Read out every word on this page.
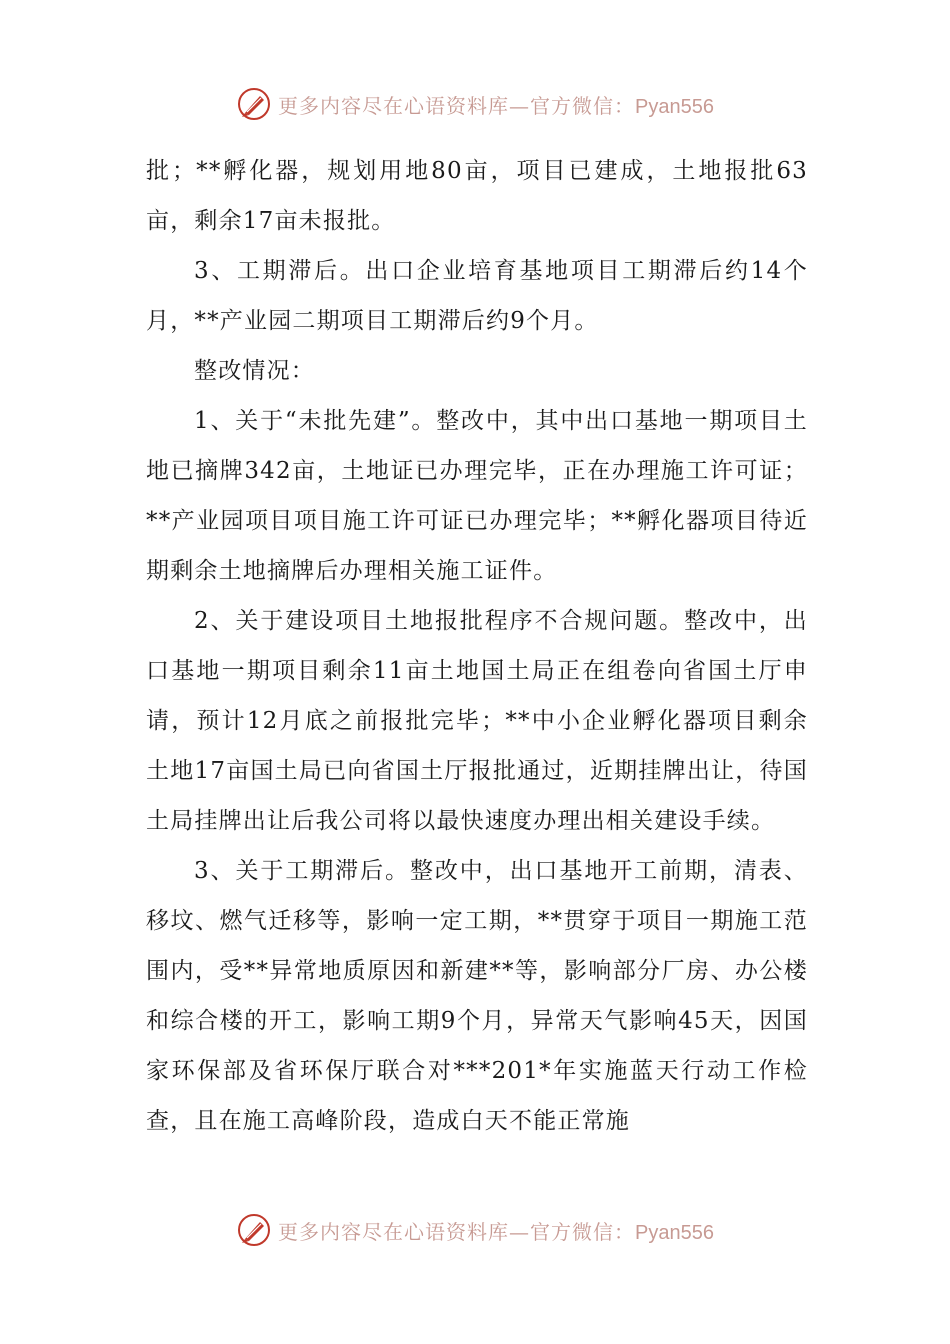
更多内容尽在心语资料库—官方微信：Pyan556

批；**孵化器，规划用地80亩，项目已建成，土地报批63亩，剩余17亩未报批。

3、工期滞后。出口企业培育基地项目工期滞后约14个月，**产业园二期项目工期滞后约9个月。

整改情况：

1、关于“未批先建”。整改中，其中出口基地一期项目土地已摘牌342亩，土地证已办理完毕，正在办理施工许可证；**产业园项目项目施工许可证已办理完毕；**孵化器项目待近期剩余土地摘牌后办理相关施工证件。

2、关于建设项目土地报批程序不合规问题。整改中，出口基地一期项目剩余11亩土地国土局正在组卷向省国土厅申请，预计12月底之前报批完毕；**中小企业孵化器项目剩余土地17亩国土局已向省国土厅报批通过，近期挂牌出让，待国土局挂牌出让后我公司将以最快速度办理出相关建设手续。

3、关于工期滞后。整改中，出口基地开工前期，清表、移坟、燃气迁移等，影响一定工期，**贯穿于项目一期施工范围内，受**异常地质原因和新建**等，影响部分厂房、办公楼和综合楼的开工，影响工期9个月，异常天气影响45天，因国家环保部及省环保厅联合对***201*年实施蓝天行动工作检查，且在施工高峰阶段，造成白天不能正常施

更多内容尽在心语资料库—官方微信：Pyan556
